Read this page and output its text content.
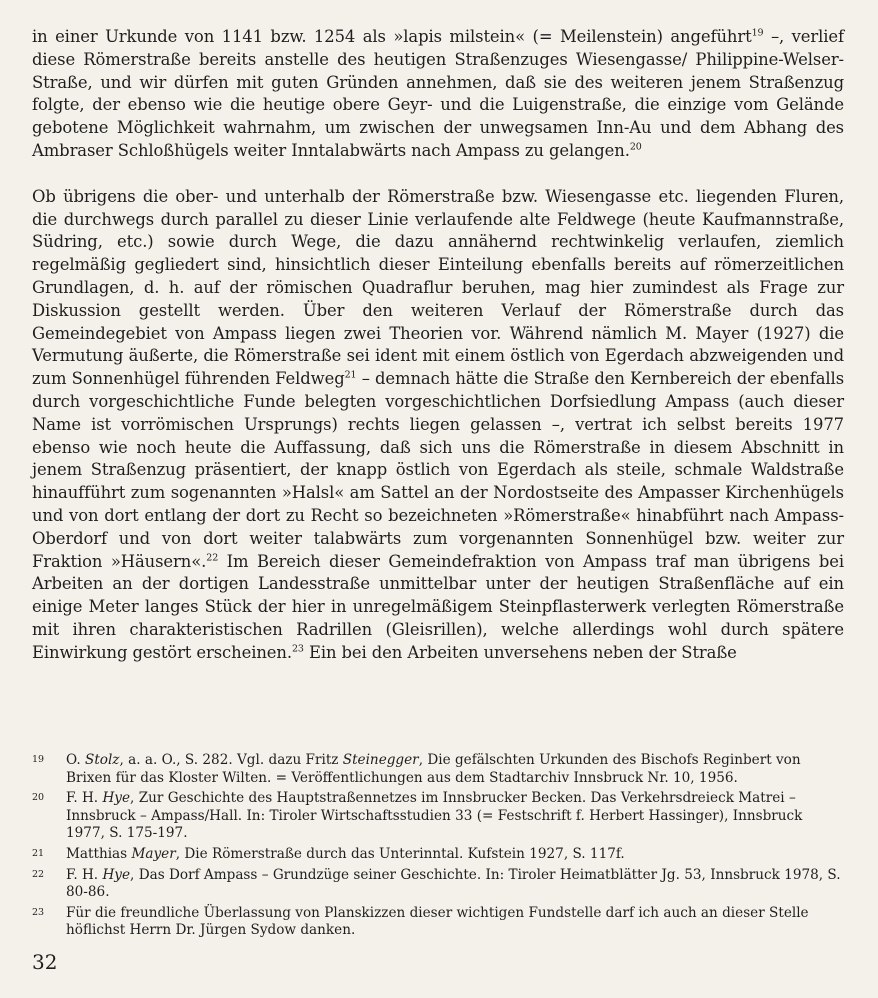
in einer Urkunde von 1141 bzw. 1254 als »lapis milstein« (= Meilenstein) angeführt$^{19}$ –, verlief diese Römerstraße bereits anstelle des heutigen Straßenzuges Wiesengasse/ Philippine-Welser-Straße, und wir dürfen mit guten Gründen annehmen, daß sie des weiteren jenem Straßenzug folgte, der ebenso wie die heutige obere Geyr- und die Luigenstraße, die einzige vom Gelände gebotene Möglichkeit wahrnahm, um zwischen der unwegsamen Inn-Au und dem Abhang des Ambraser Schloßhügels weiter Inntalabwärts nach Ampass zu gelangen.$^{20}$

Ob übrigens die ober- und unterhalb der Römerstraße bzw. Wiesengasse etc. liegenden Fluren, die durchwegs durch parallel zu dieser Linie verlaufende alte Feldwege (heute Kaufmannstraße, Südring, etc.) sowie durch Wege, die dazu annähernd rechtwinkelig verlaufen, ziemlich regelmäßig gegliedert sind, hinsichtlich dieser Einteilung ebenfalls bereits auf römerzeitlichen Grundlagen, d. h. auf der römischen Quadraflur beruhen, mag hier zumindest als Frage zur Diskussion gestellt werden. Über den weiteren Verlauf der Römerstraße durch das Gemeindegebiet von Ampass liegen zwei Theorien vor. Während nämlich M. Mayer (1927) die Vermutung äußerte, die Römerstraße sei ident mit einem östlich von Egerdach abzweigenden und zum Sonnenhügel führenden Feldweg$^{21}$ – demnach hätte die Straße den Kernbereich der ebenfalls durch vorgeschichtliche Funde belegten vorgeschichtlichen Dorfsiedlung Ampass (auch dieser Name ist vorrömischen Ursprungs) rechts liegen gelassen –, vertrat ich selbst bereits 1977 ebenso wie noch heute die Auffassung, daß sich uns die Römerstraße in diesem Abschnitt in jenem Straßenzug präsentiert, der knapp östlich von Egerdach als steile, schmale Waldstraße hinaufführt zum sogenannten »Halsl« am Sattel an der Nordostseite des Ampasser Kirchenhügels und von dort entlang der dort zu Recht so bezeichneten »Römerstraße« hinabführt nach Ampass-Oberdorf und von dort weiter talabwärts zum vorgenannten Sonnenhügel bzw. weiter zur Fraktion »Häusern«.$^{22}$ Im Bereich dieser Gemeindefraktion von Ampass traf man übrigens bei Arbeiten an der dortigen Landesstraße unmittelbar unter der heutigen Straßenfläche auf ein einige Meter langes Stück der hier in unregelmäßigem Steinpflasterwerk verlegten Römerstraße mit ihren charakteristischen Radrillen (Gleisrillen), welche allerdings wohl durch spätere Einwirkung gestört erscheinen.$^{23}$ Ein bei den Arbeiten unversehens neben der Straße

19 O. Stolz, a. a. O., S. 282. Vgl. dazu Fritz Steinegger, Die gefälschten Urkunden des Bischofs Reginbert von Brixen für das Kloster Wilten. = Veröffentlichungen aus dem Stadtarchiv Innsbruck Nr. 10, 1956.
20 F. H. Hye, Zur Geschichte des Hauptstraßennetzes im Innsbrucker Becken. Das Verkehrsdreieck Matrei – Innsbruck – Ampass/Hall. In: Tiroler Wirtschaftsstudien 33 (= Festschrift f. Herbert Hassinger), Innsbruck 1977, S. 175-197.
21 Matthias Mayer, Die Römerstraße durch das Unterinntal. Kufstein 1927, S. 117f.
22 F. H. Hye, Das Dorf Ampass – Grundzüge seiner Geschichte. In: Tiroler Heimatblätter Jg. 53, Innsbruck 1978, S. 80-86.
23 Für die freundliche Überlassung von Planskizzen dieser wichtigen Fundstelle darf ich auch an dieser Stelle höflichst Herrn Dr. Jürgen Sydow danken.
32
